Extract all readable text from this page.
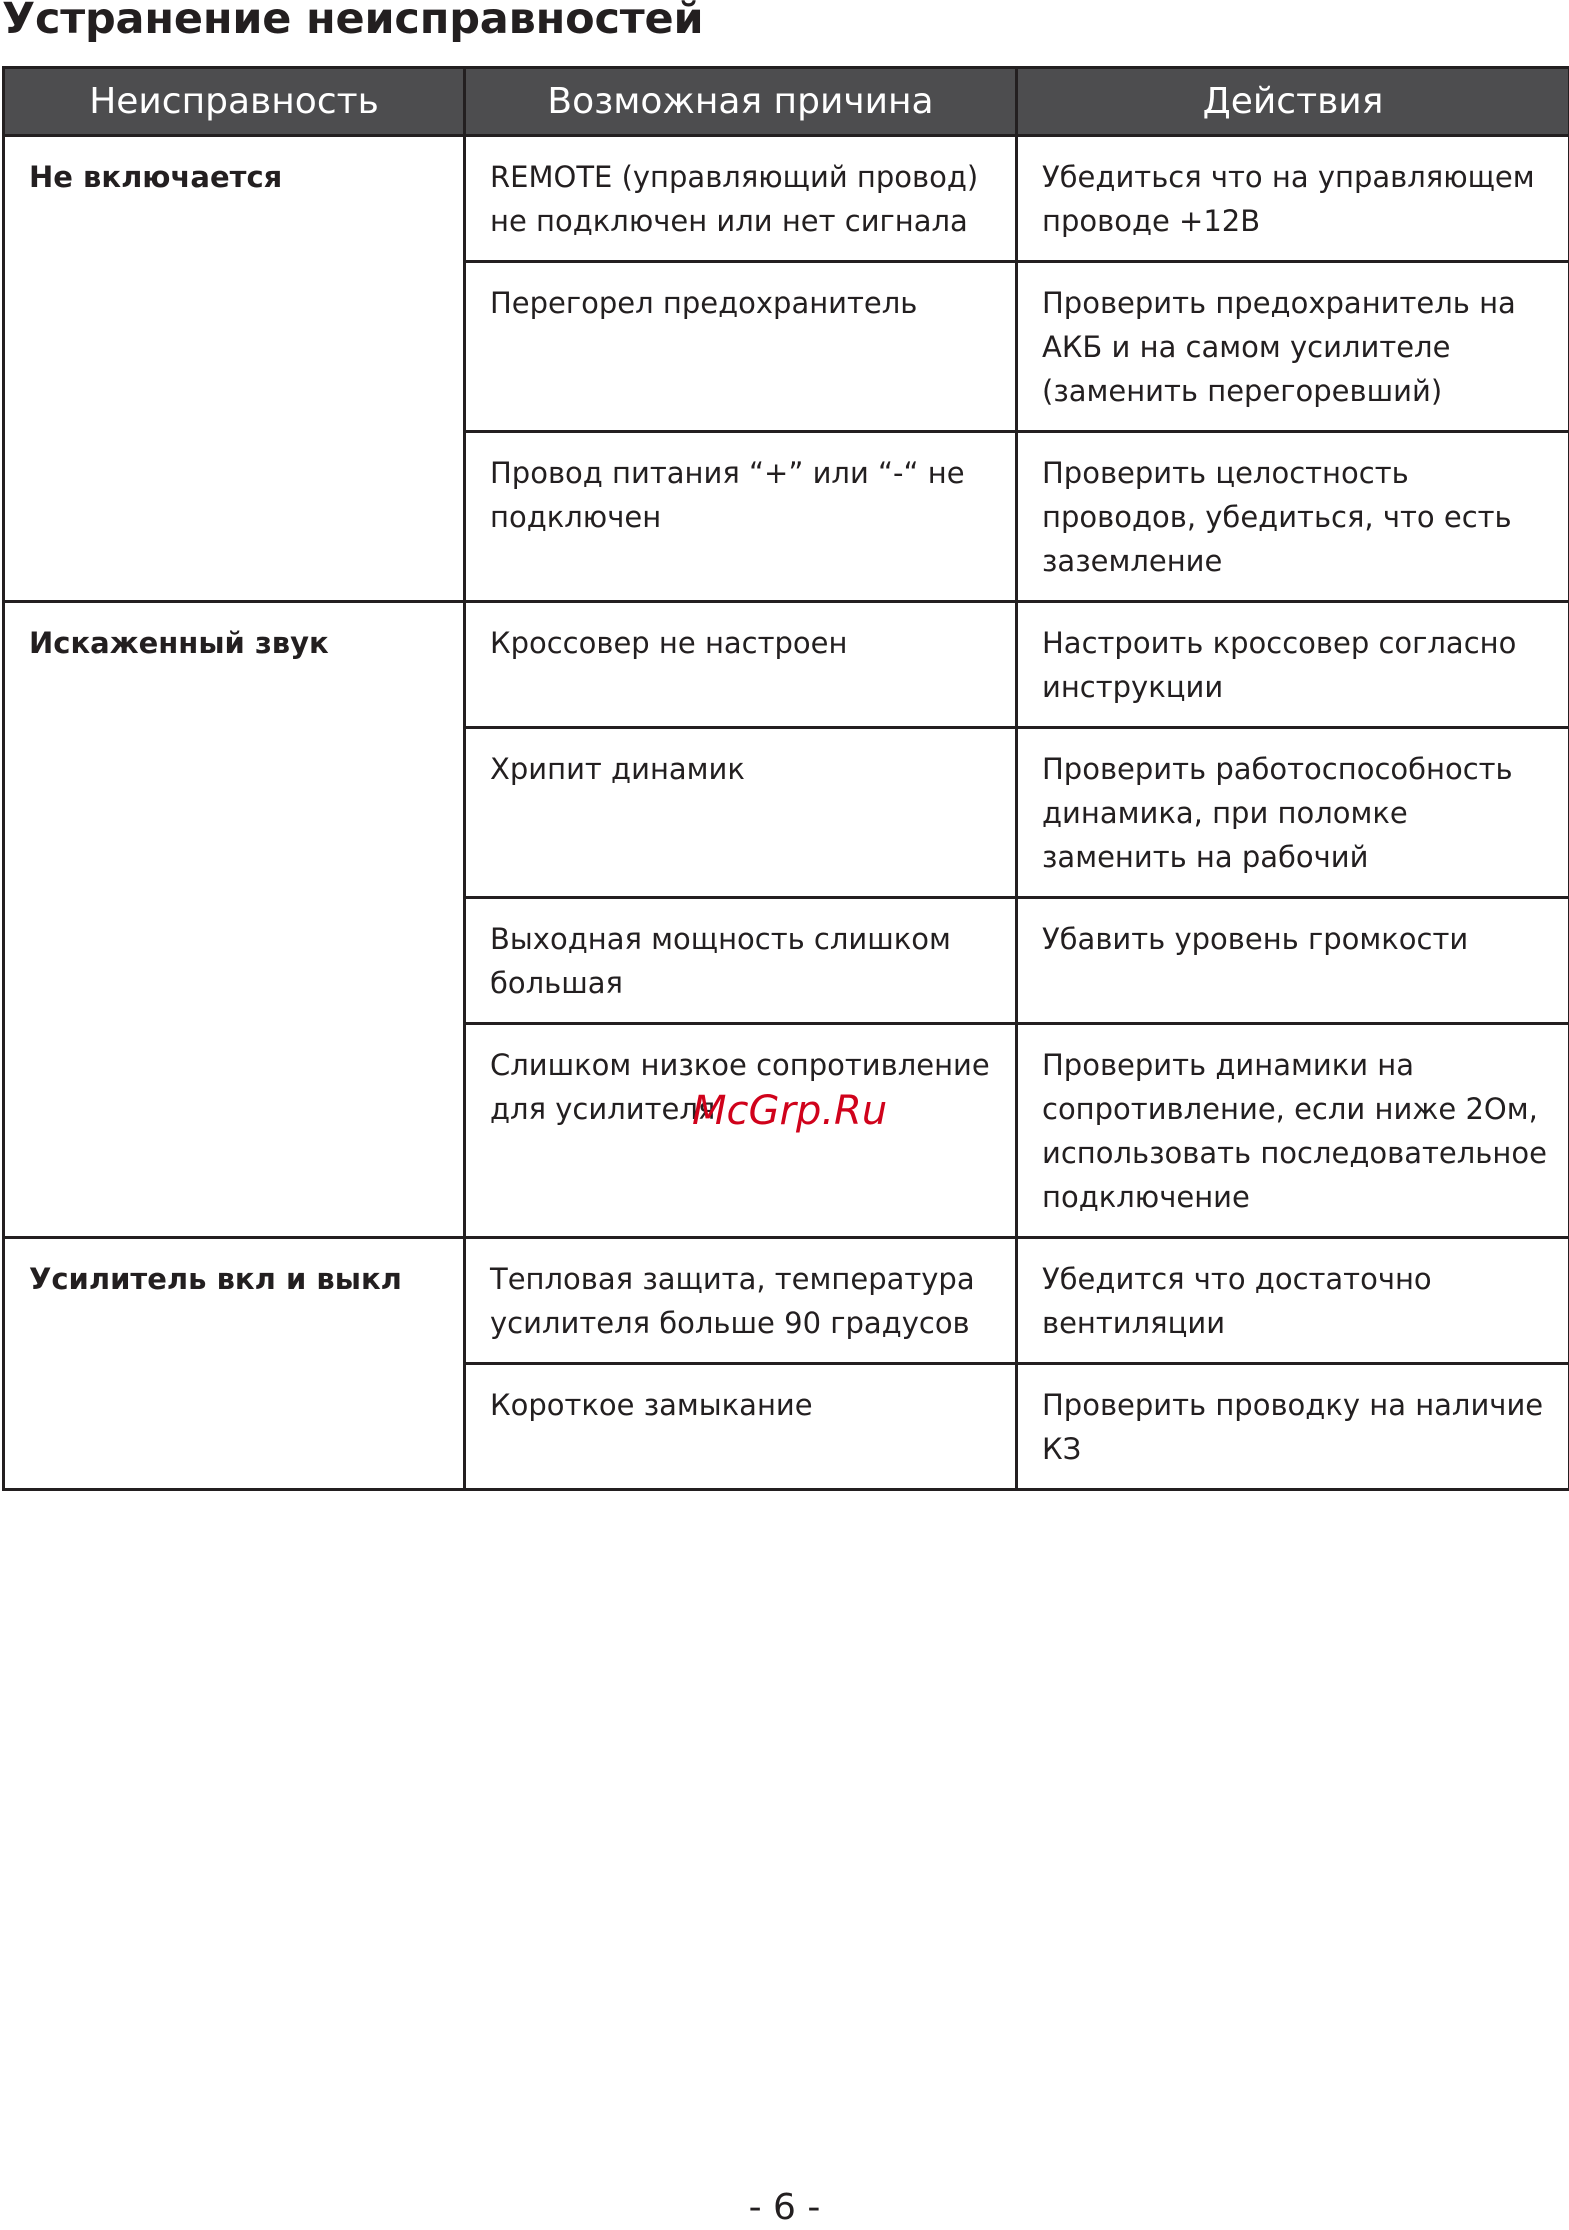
Устранение неисправностей
Неисправность	Возможная причина	Действия
Не включается	REMOTE (управляющий провод) не подключен или нет сигнала	Убедиться что на управляющем проводе +12В
	Перегорел предохранитель	Проверить предохранитель на АКБ и на самом усилителе (заменить перегоревший)
	Провод питания “+” или “-“ не подключен	Проверить целостность проводов, убедиться, что есть заземление
Искаженный звук	Кроссовер не настроен	Настроить кроссовер согласно инструкции
	Хрипит динамик	Проверить работоспособность динамика, при поломке заменить на рабочий
	Выходная мощность слишком большая	Убавить уровень громкости
	Слишком низкое сопротивление для усилителя	Проверить динамики на сопротивление, если ниже 2Ом, использовать последовательное подключение
Усилитель вкл и выкл	Тепловая защита, температура усилителя больше 90 градусов	Убедится что достаточно вентиляции
	Короткое замыкание	Проверить проводку на наличие КЗ
McGrp.Ru
- 6 -
